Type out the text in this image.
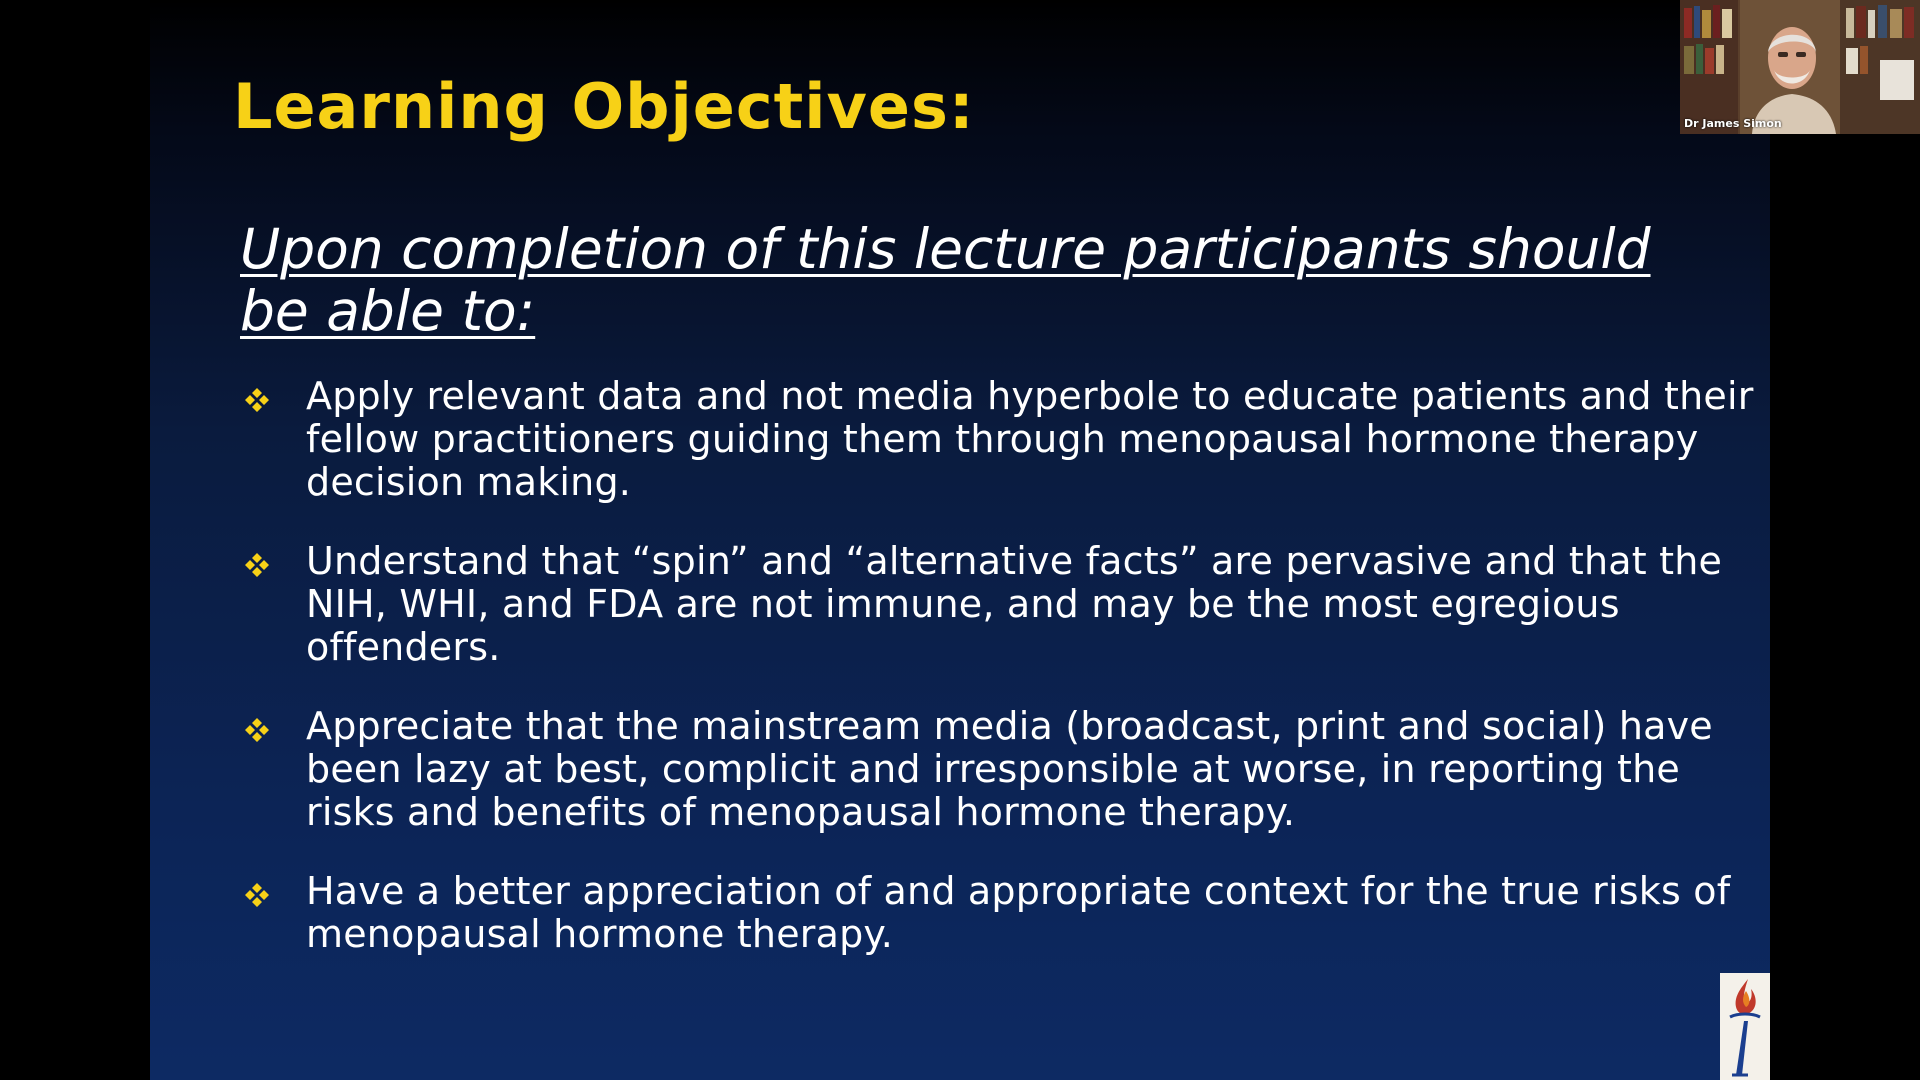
Learning Objectives:
Upon completion of this lecture participants should be able to:
Apply relevant data and not media hyperbole to educate patients and their fellow practitioners guiding them through menopausal hormone therapy decision making.
Understand that “spin” and “alternative facts” are pervasive and that the NIH, WHI, and FDA are not immune, and may be the most egregious offenders.
Appreciate that the mainstream media (broadcast, print and social) have been lazy at best, complicit and irresponsible at worse, in reporting the risks and benefits of menopausal hormone therapy.
Have a better appreciation of and appropriate context for the true risks of menopausal hormone therapy.
Dr James Simon
